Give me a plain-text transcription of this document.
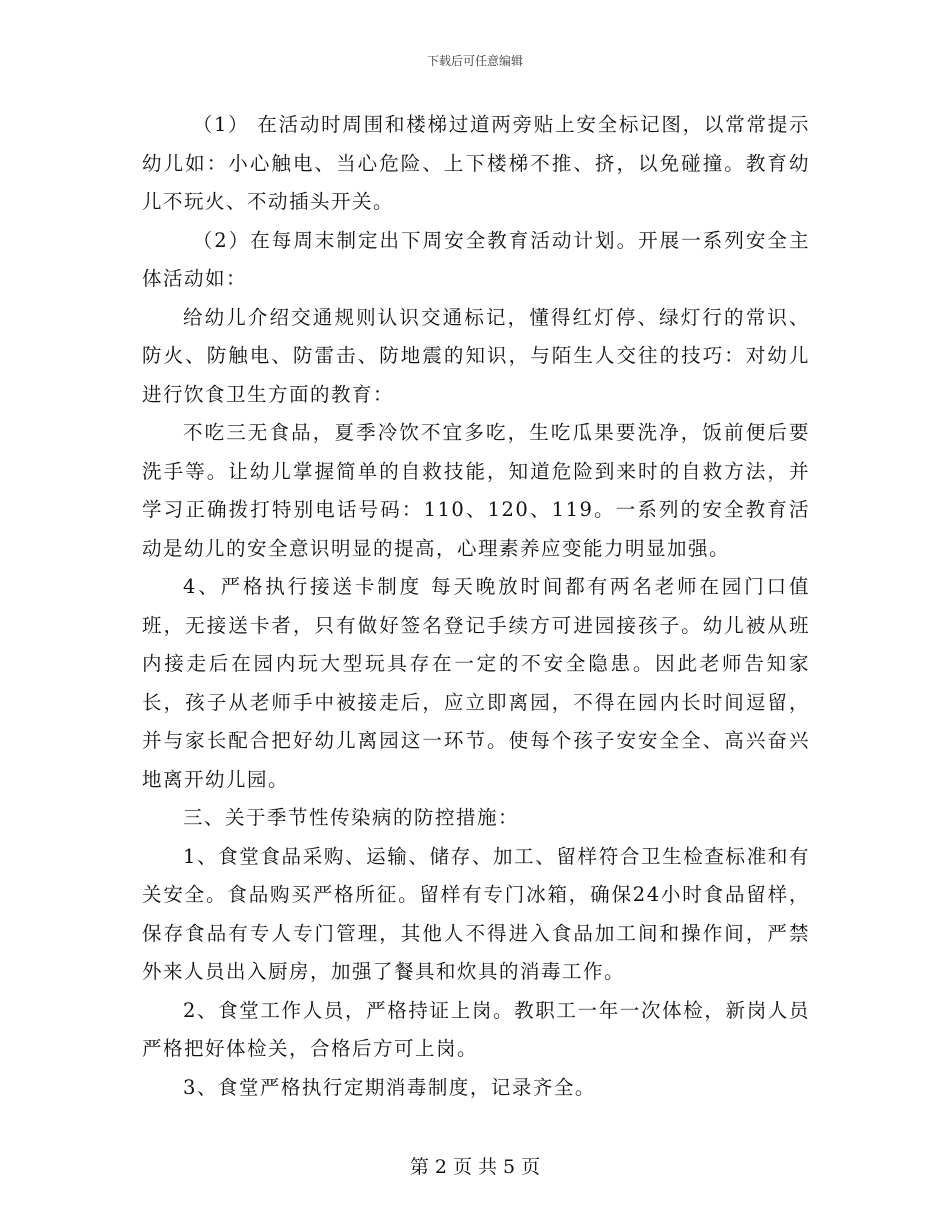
下载后可任意编辑

（1） 在活动时周围和楼梯过道两旁贴上安全标记图，以常常提示幼儿如：小心触电、当心危险、上下楼梯不推、挤，以免碰撞。教育幼儿不玩火、不动插头开关。

（2）在每周末制定出下周安全教育活动计划。开展一系列安全主体活动如：

给幼儿介绍交通规则认识交通标记，懂得红灯停、绿灯行的常识、防火、防触电、防雷击、防地震的知识，与陌生人交往的技巧：对幼儿进行饮食卫生方面的教育：

不吃三无食品，夏季冷饮不宜多吃，生吃瓜果要洗净，饭前便后要洗手等。让幼儿掌握简单的自救技能，知道危险到来时的自救方法，并学习正确拨打特别电话号码：110、120、119。一系列的安全教育活动是幼儿的安全意识明显的提高，心理素养应变能力明显加强。

4、严格执行接送卡制度 每天晚放时间都有两名老师在园门口值班，无接送卡者，只有做好签名登记手续方可进园接孩子。幼儿被从班内接走后在园内玩大型玩具存在一定的不安全隐患。因此老师告知家长，孩子从老师手中被接走后，应立即离园，不得在园内长时间逗留，并与家长配合把好幼儿离园这一环节。使每个孩子安安全全、高兴奋兴地离开幼儿园。

三、关于季节性传染病的防控措施：

1、食堂食品采购、运输、储存、加工、留样符合卫生检查标准和有关安全。食品购买严格所征。留样有专门冰箱，确保24小时食品留样，保存食品有专人专门管理，其他人不得进入食品加工间和操作间，严禁外来人员出入厨房，加强了餐具和炊具的消毒工作。

2、食堂工作人员，严格持证上岗。教职工一年一次体检，新岗人员严格把好体检关，合格后方可上岗。

3、食堂严格执行定期消毒制度，记录齐全。

第 2 页 共 5 页
